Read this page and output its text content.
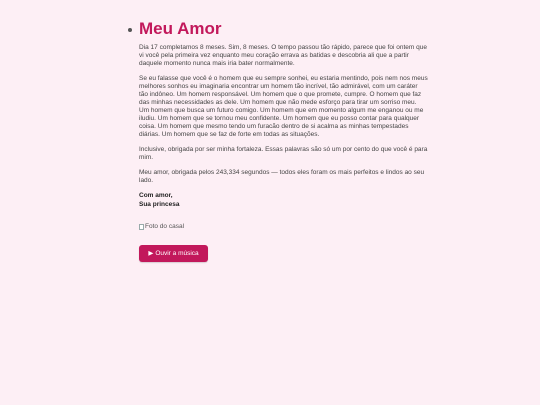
Meu Amor

Dia 17 completamos 8 meses. Sim, 8 meses. O tempo passou tão rápido, parece que foi ontem que vi você pela primeira vez enquanto meu coração errava as batidas e descobria ali que a partir daquele momento nunca mais iria bater normalmente.

Se eu falasse que você é o homem que eu sempre sonhei, eu estaria mentindo, pois nem nos meus melhores sonhos eu imaginaria encontrar um homem tão incrível, tão admirável, com um caráter tão indôneo. Um homem responsável. Um homem que o que promete, cumpre. O homem que faz das minhas necessidades as dele. Um homem que não mede esforço para tirar um sorriso meu. Um homem que busca um futuro comigo. Um homem que em momento algum me enganou ou me iludiu. Um homem que se tornou meu confidente. Um homem que eu posso contar para qualquer coisa. Um homem que mesmo tendo um furacão dentro de si acalma as minhas tempestades diárias. Um homem que se faz de forte em todas as situações.

Inclusive, obrigada por ser minha fortaleza. Essas palavras são só um por cento do que você é para mim.

Meu amor, obrigada pelos 243,334 segundos — todos eles foram os mais perfeitos e lindos ao seu lado.

Com amor,
Sua princesa
Foto do casal
▶ Ouvir a música
